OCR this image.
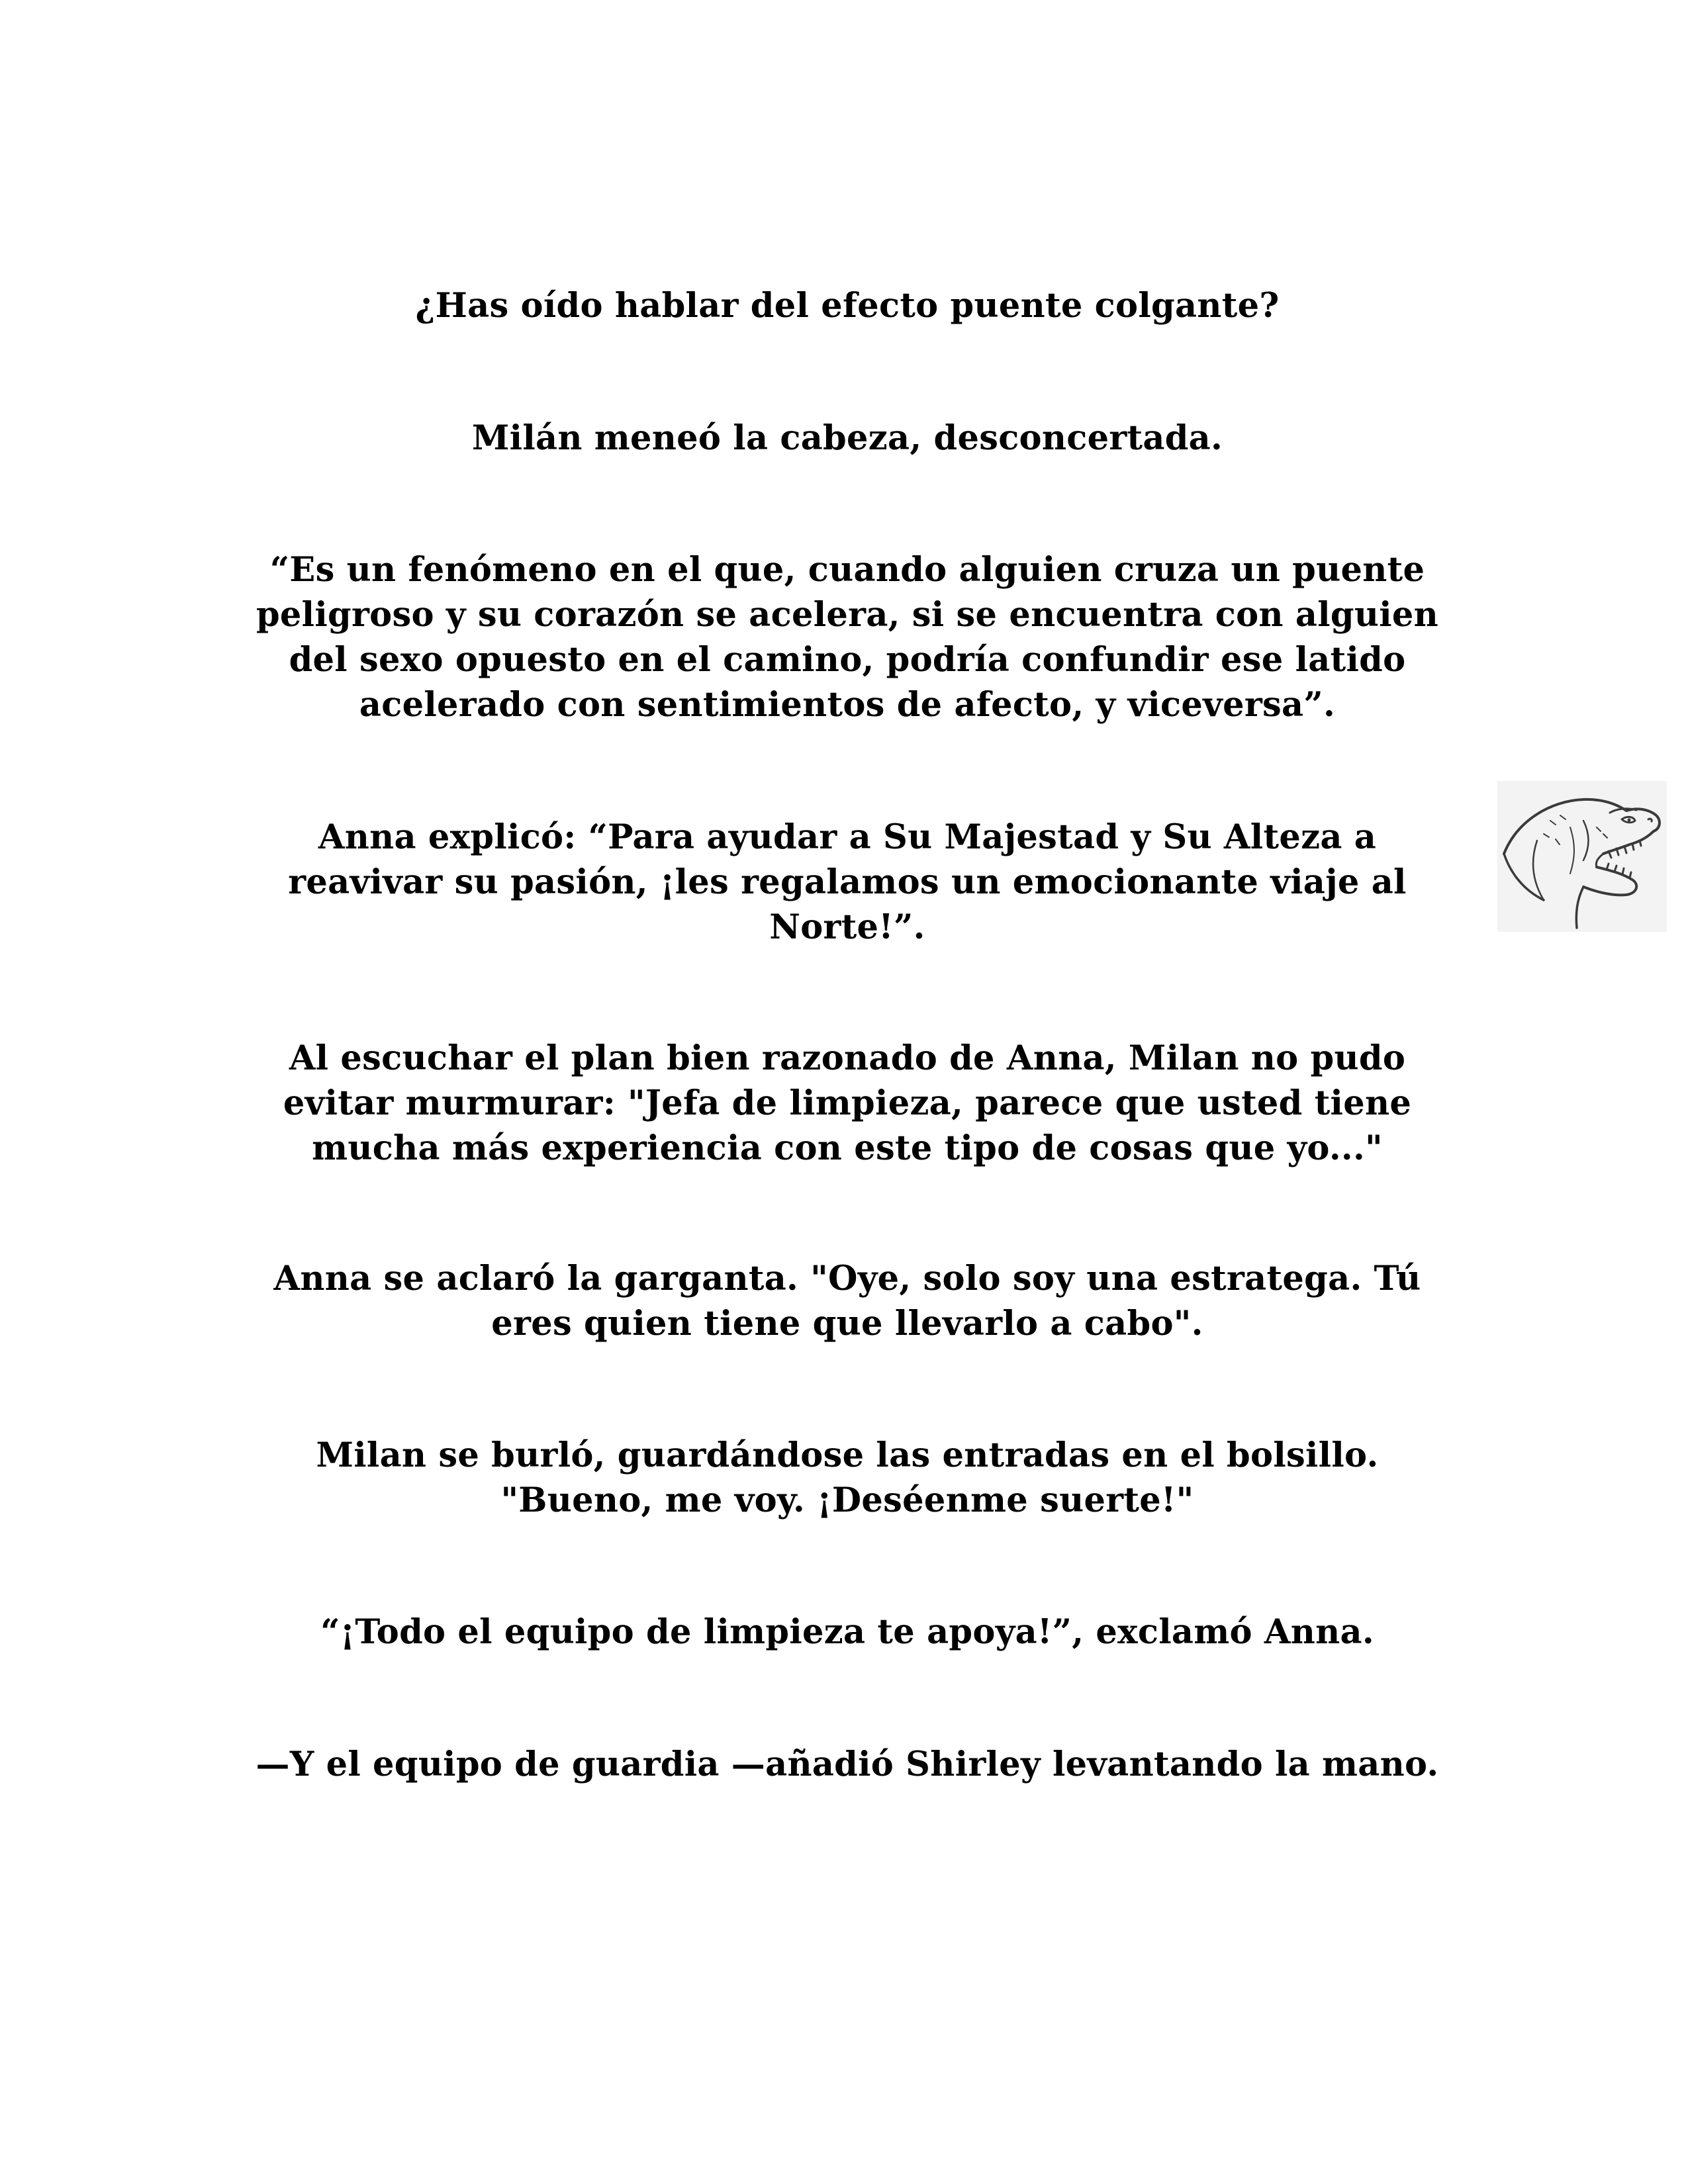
¿Has oído hablar del efecto puente colgante?

Milán meneó la cabeza, desconcertada.

“Es un fenómeno en el que, cuando alguien cruza un puente
peligroso y su corazón se acelera, si se encuentra con alguien
del sexo opuesto en el camino, podría confundir ese latido
acelerado con sentimientos de afecto, y viceversa”.

Anna explicó: “Para ayudar a Su Majestad y Su Alteza a
reavivar su pasión, ¡les regalamos un emocionante viaje al
Norte!”.

Al escuchar el plan bien razonado de Anna, Milan no pudo
evitar murmurar: "Jefa de limpieza, parece que usted tiene
mucha más experiencia con este tipo de cosas que yo..."

Anna se aclaró la garganta. "Oye, solo soy una estratega. Tú
eres quien tiene que llevarlo a cabo".

Milan se burló, guardándose las entradas en el bolsillo.
"Bueno, me voy. ¡Deséenme suerte!"

“¡Todo el equipo de limpieza te apoya!”, exclamó Anna.

—Y el equipo de guardia —añadió Shirley levantando la mano.
